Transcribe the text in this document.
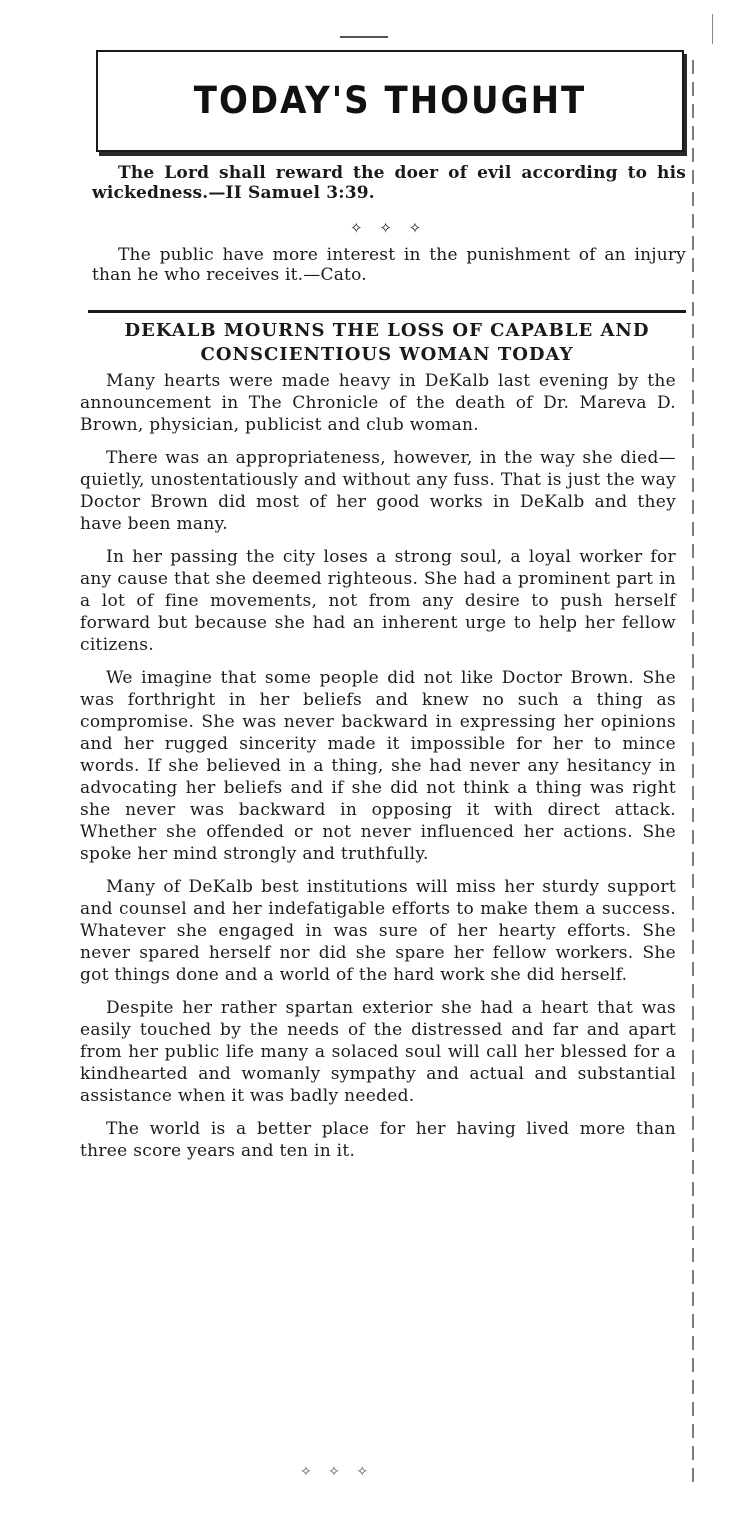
TODAY'S THOUGHT
The Lord shall reward the doer of evil according to his wickedness.—II Samuel 3:39.
✧ ✧ ✧
The public have more interest in the punishment of an injury than he who receives it.—Cato.
DEKALB MOURNS THE LOSS OF CAPABLE AND CONSCIENTIOUS WOMAN TODAY

Many hearts were made heavy in DeKalb last evening by the announcement in The Chronicle of the death of Dr. Mareva D. Brown, physician, publicist and club woman.

There was an appropriateness, however, in the way she died—quietly, unostentatiously and without any fuss. That is just the way Doctor Brown did most of her good works in DeKalb and they have been many.

In her passing the city loses a strong soul, a loyal worker for any cause that she deemed righteous. She had a prominent part in a lot of fine movements, not from any desire to push herself forward but because she had an inherent urge to help her fellow citizens.

We imagine that some people did not like Doctor Brown. She was forthright in her beliefs and knew no such a thing as compromise. She was never backward in expressing her opinions and her rugged sincerity made it impossible for her to mince words. If she believed in a thing, she had never any hesitancy in advocating her beliefs and if she did not think a thing was right she never was backward in opposing it with direct attack. Whether she offended or not never influenced her actions. She spoke her mind strongly and truthfully.

Many of DeKalb best institutions will miss her sturdy support and counsel and her indefatigable efforts to make them a success. Whatever she engaged in was sure of her hearty efforts. She never spared herself nor did she spare her fellow workers. She got things done and a world of the hard work she did herself.

Despite her rather spartan exterior she had a heart that was easily touched by the needs of the distressed and far and apart from her public life many a solaced soul will call her blessed for a kindhearted and womanly sympathy and actual and substantial assistance when it was badly needed.

The world is a better place for her having lived more than three score years and ten in it.

✧ ✧ ✧
